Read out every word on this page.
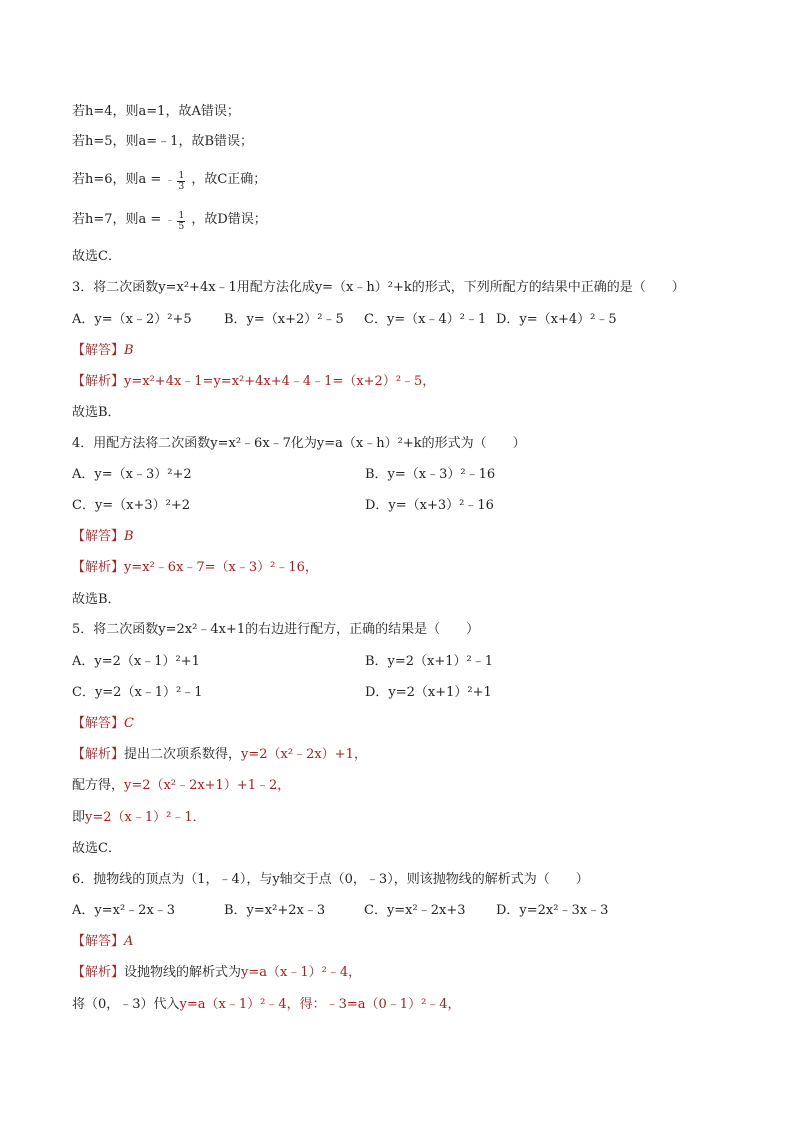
若h=4，则a=1，故A错误；
若h=5，则a=﹣1，故B错误；
若h=6，则a = ﹣ $\frac{1}{3}$ ，故C正确；
若h=7，则a = ﹣ $\frac{1}{5}$ ，故D错误；
故选C．
3．将二次函数y=x²+4x﹣1用配方法化成y=（x﹣h）²+k的形式，下列所配方的结果中正确的是（　　）
A．y=（x﹣2）²+5 B．y=（x+2）²﹣5 C．y=（x﹣4）²﹣1 D．y=（x+4）²﹣5
【解答】B
【解析】y=x²+4x﹣1=y=x²+4x+4﹣4﹣1=（x+2）²﹣5，
故选B．
4．用配方法将二次函数y=x²﹣6x﹣7化为y=a（x﹣h）²+k的形式为（　　）
A．y=（x﹣3）²+2	B．y=（x﹣3）²﹣16
C．y=（x+3）²+2	D．y=（x+3）²﹣16
【解答】B
【解析】y=x²﹣6x﹣7=（x﹣3）²﹣16，
故选B．
5．将二次函数y=2x²﹣4x+1的右边进行配方，正确的结果是（　　）
A．y=2（x﹣1）²+1	B．y=2（x+1）²﹣1
C．y=2（x﹣1）²﹣1	D．y=2（x+1）²+1
【解答】C
【解析】提出二次项系数得，y=2（x²﹣2x）+1，
配方得，y=2（x²﹣2x+1）+1﹣2，
即y=2（x﹣1）²﹣1．
故选C．
6．抛物线的顶点为（1，﹣4），与y轴交于点（0，﹣3），则该抛物线的解析式为（　　）
A．y=x²﹣2x﹣3	B．y=x²+2x﹣3	C．y=x²﹣2x+3 D．y=2x²﹣3x﹣3
【解答】A
【解析】设抛物线的解析式为y=a（x﹣1）²﹣4，
将（0，﹣3）代入y=a（x﹣1）²﹣4，得：﹣3=a（0﹣1）²﹣4，
